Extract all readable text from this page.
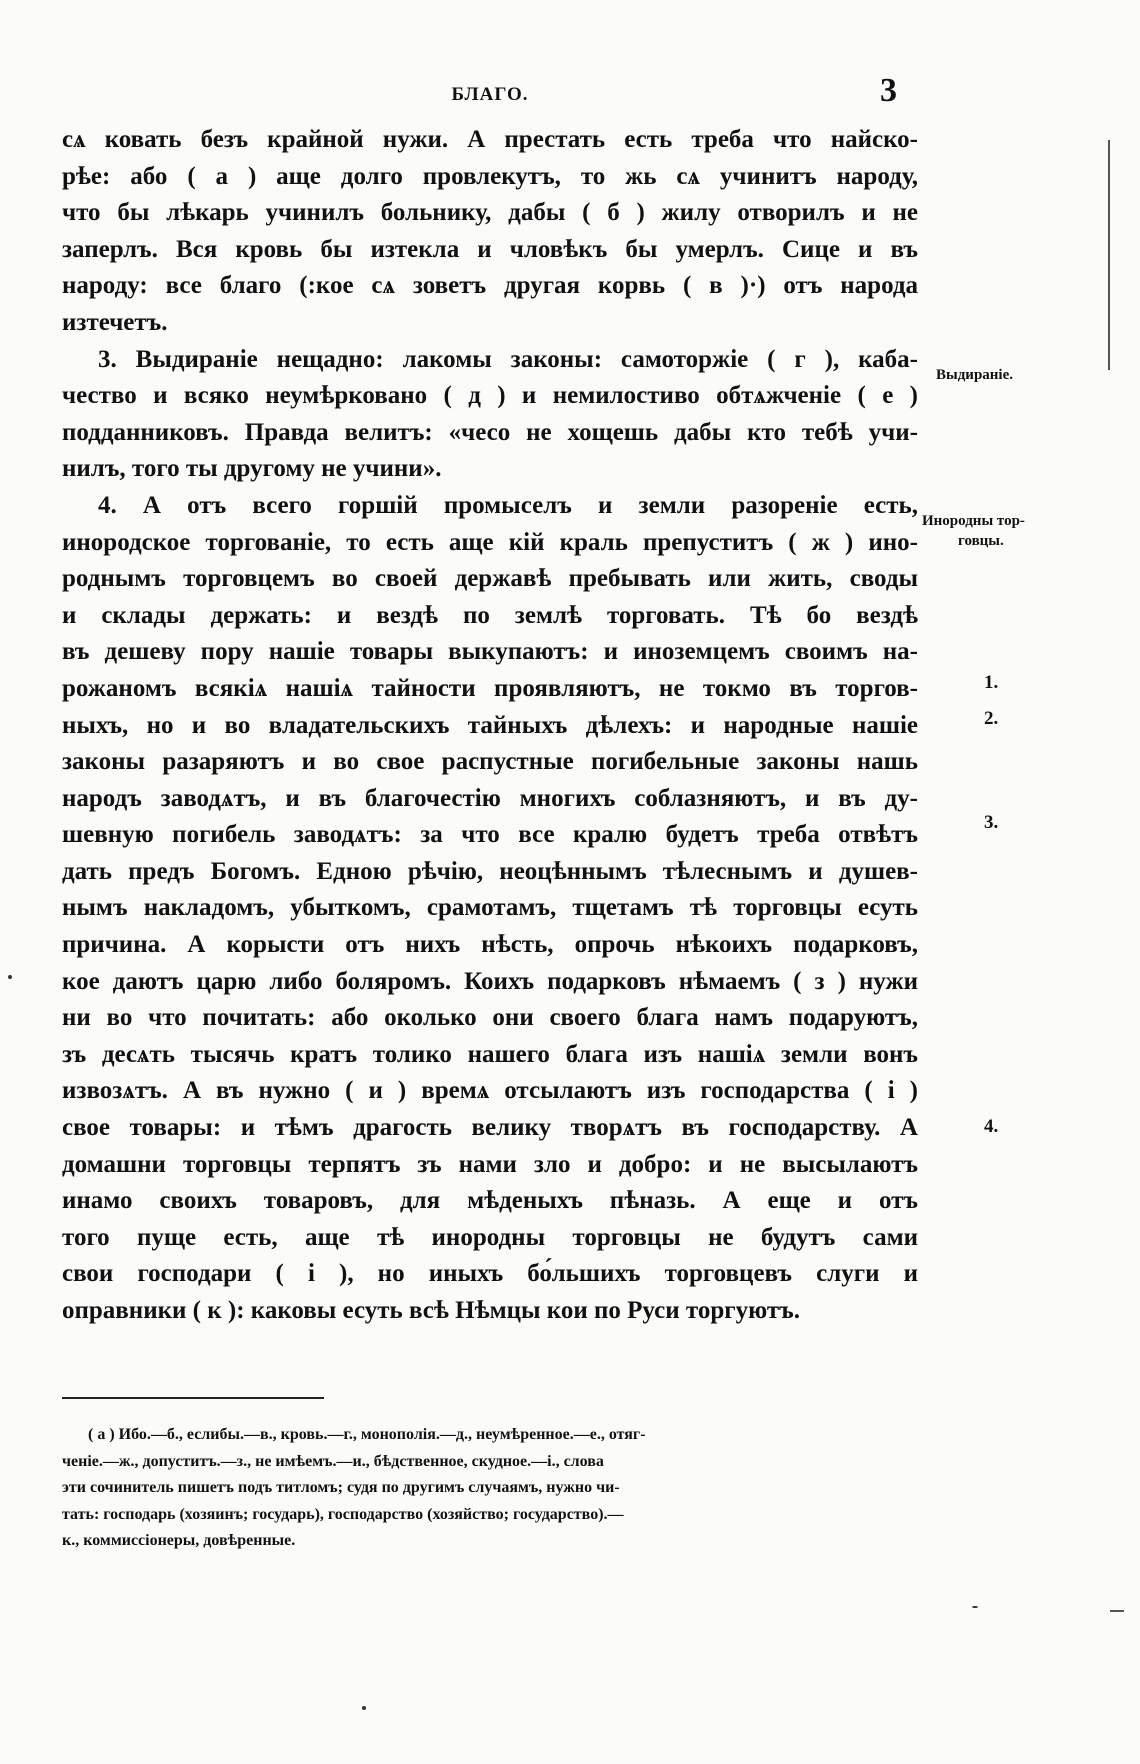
БЛАГО.	3
сѧ ковать безъ крайной нужи. А престать есть треба что найско-
рѣе: або ( а ) аще долго провлекутъ, то жь сѧ учинитъ народу,
что бы лѣкарь учинилъ больнику, дабы ( б ) жилу отворилъ и не
заперлъ. Вся кровь бы изтекла и чловѣкъ бы умерлъ. Сице и въ
народу: все благо (:кое сѧ зоветъ другая корвь ( в )·) отъ народа
изтечетъ.
3. Выдираніе нещадно: лакомы законы: самоторжіе ( г ), каба-
чество и всяко неумѣрковано ( д ) и немилостиво обтѧжченіе ( е )
подданниковъ. Правда велитъ: «чесо не хощешь дабы кто тебѣ учи-
нилъ, того ты другому не учини».
4. А отъ всего горшій промыселъ и земли разореніе есть,
инородское торгованіе, то есть аще кій краль препуститъ ( ж ) ино-
роднымъ торговцемъ во своей державѣ пребывать или жить, своды
и склады держать: и вездѣ по землѣ торговать. Тѣ бо вездѣ
въ дешеву пору нашіе товары выкупаютъ: и иноземцемъ своимъ на-
рожаномъ всякіѧ нашіѧ тайности проявляютъ, не токмо въ торгов-
ныхъ, но и во владательскихъ тайныхъ дѣлехъ: и народные нашіе
законы разаряютъ и во свое распустные погибельные законы нашь
народъ заводѧтъ, и въ благочестію многихъ соблазняютъ, и въ ду-
шевную погибель заводѧтъ: за что все кралю будетъ треба отвѣтъ
дать предъ Богомъ. Едною рѣчію, неоцѣннымъ тѣлеснымъ и душев-
нымъ накладомъ, убыткомъ, срамотамъ, тщетамъ тѣ торговцы есуть
причина. А корысти отъ нихъ нѣсть, опрочь нѣкоихъ подарковъ,
кое даютъ царю либо боляромъ. Коихъ подарковъ нѣмаемъ ( з ) нужи
ни во что почитать: або околько они своего блага намъ подаруютъ,
зъ десѧть тысячь кратъ толико нашего блага изъ нашіѧ земли вонъ
извозѧтъ. А въ нужно ( и ) времѧ отсылаютъ изъ господарства ( і )
свое товары: и тѣмъ драгость велику творѧтъ въ господарству. А
домашни торговцы терпятъ зъ нами зло и добро: и не высылаютъ
инамо своихъ товаровъ, для мѣденыхъ пѣназь. А еще и отъ
того пуще есть, аще тѣ инородны торговцы не будутъ сами
свои господари ( і ), но иныхъ бо́льшихъ торговцевъ слуги и
оправники ( к ): каковы есуть всѣ Нѣмцы кои по Руси торгуютъ.
Выдираніе.
Инородны тор-
говцы.
1.
2.
3.
4.
( а ) Ибо.—б., еслибы.—в., кровь.—г., монополія.—д., неумѣренное.—е., отяг-
ченіе.—ж., допуститъ.—з., не имѣемъ.—и., бѣдственное, скудное.—і., слова
эти сочинитель пишетъ подъ титломъ; судя по другимъ случаямъ, нужно чи-
тать: господарь (хозяинъ; государь), господарство (хозяйство; государство).—
к., коммиссіонеры, довѣренные.
